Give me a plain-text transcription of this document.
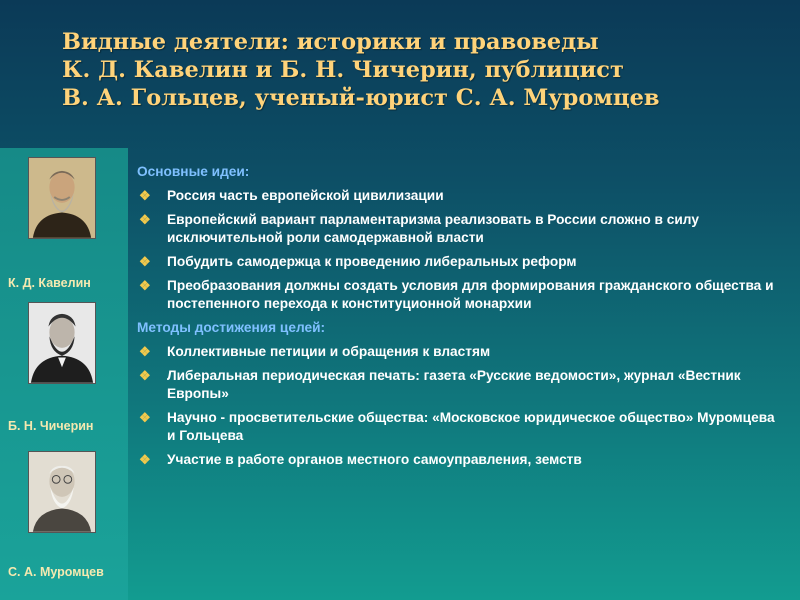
Видные деятели: историки и правоведы
К. Д. Кавелин и Б. Н. Чичерин, публицист
В. А. Гольцев, ученый-юрист С. А. Муромцев
К. Д. Кавелин
Б. Н. Чичерин
С. А. Муромцев
Основные идеи:
❖ Россия часть европейской цивилизации
❖ Европейский вариант парламентаризма реализовать в России сложно в силу исключительной роли самодержавной власти
❖ Побудить самодержца к проведению либеральных реформ
❖ Преобразования должны создать условия для формирования гражданского общества и постепенного перехода к конституционной монархии
Методы достижения целей:
❖ Коллективные петиции и обращения к властям
❖ Либеральная периодическая печать: газета «Русские ведомости», журнал «Вестник Европы»
❖ Научно - просветительские общества: «Московское юридическое общество» Муромцева и Гольцева
❖ Участие в работе органов местного самоуправления, земств
